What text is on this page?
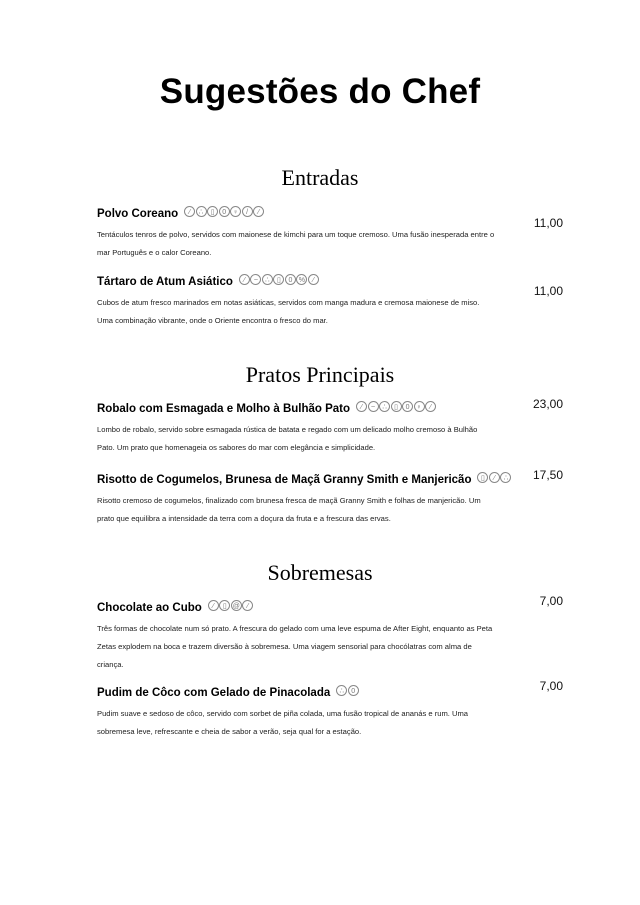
Sugestões do Chef
Entradas
Polvo Coreano	⁄	∴	▯	0 ♀	/	⁄
11,00
Tentáculos tenros de polvo, servidos com maionese de kimchi para um toque cremoso. Uma fusão inesperada entre o mar Português e o calor Coreano.
Tártaro de Atum Asiático	⁄	~	∴	▯	0 %	⁄
11,00
Cubos de atum fresco marinados em notas asiáticas, servidos com manga madura e cremosa maionese de miso. Uma combinação vibrante, onde o Oriente encontra o fresco do mar.
Pratos Principais
Robalo com Esmagada e Molho à Bulhão Pato	⁄	~	∴	▯	0 ♀	⁄	23,00
Lombo de robalo, servido sobre esmagada rústica de batata e regado com um delicado molho cremoso à Bulhão Pato. Um prato que homenageia os sabores do mar com elegância e simplicidade.
Risotto de Cogumelos, Brunesa de Maçã Granny Smith e Manjericão	▯	⁄	∴ 17,50
Risotto cremoso de cogumelos, finalizado com brunesa fresca de maçã Granny Smith e folhas de manjericão. Um prato que equilibra a intensidade da terra com a doçura da fruta e a frescura das ervas.
Sobremesas
Chocolate ao Cubo	⁄	▯ @	⁄	7,00
Três formas de chocolate num só prato. A frescura do gelado com uma leve espuma de After Eight, enquanto as Peta Zetas explodem na boca e trazem diversão à sobremesa. Uma viagem sensorial para chocólatras com alma de criança.
Pudim de Côco com Gelado de Pinacolada	∴	0	7,00
Pudim suave e sedoso de côco, servido com sorbet de piña colada, uma fusão tropical de ananás e rum. Uma sobremesa leve, refrescante e cheia de sabor a verão, seja qual for a estação.
